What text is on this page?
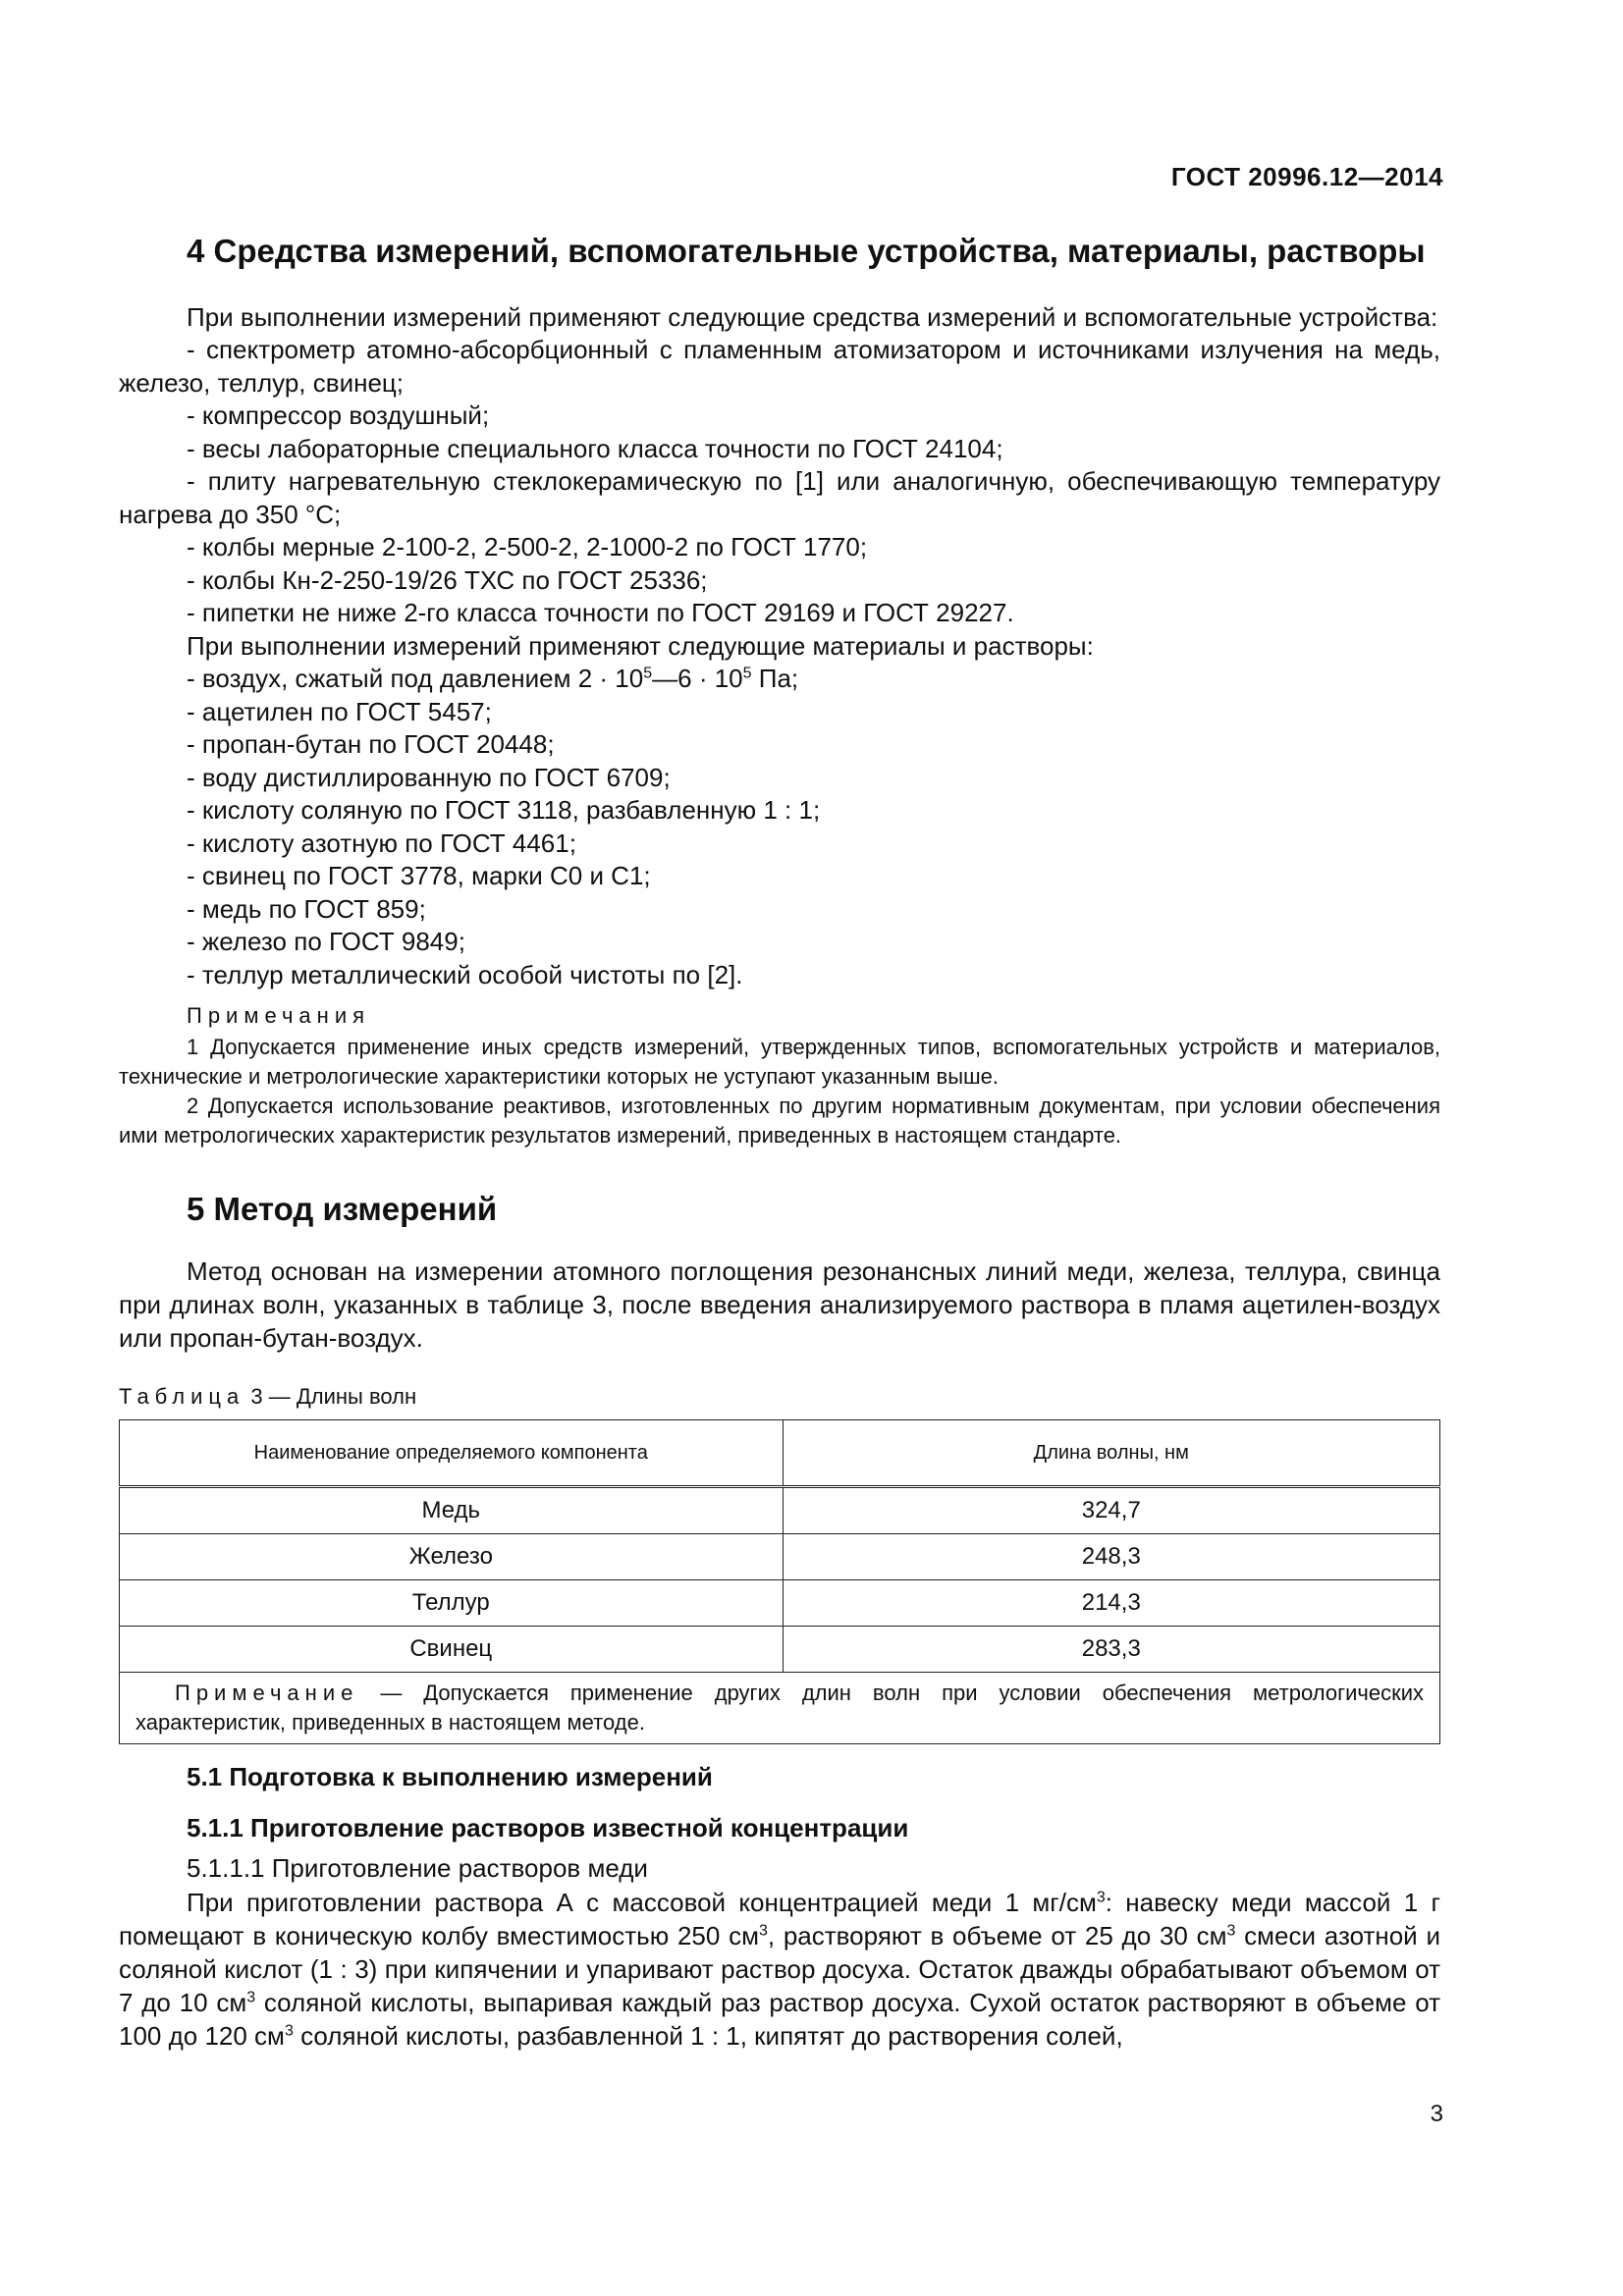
ГОСТ 20996.12—2014
4 Средства измерений, вспомогательные устройства, материалы, растворы

При выполнении измерений применяют следующие средства измерений и вспомогательные устройства:

- спектрометр атомно-абсорбционный с пламенным атомизатором и источниками излучения на медь, железо, теллур, свинец;

- компрессор воздушный;

- весы лабораторные специального класса точности по ГОСТ 24104;

- плиту нагревательную стеклокерамическую по [1] или аналогичную, обеспечивающую температуру нагрева до 350 °С;

- колбы мерные 2-100-2, 2-500-2, 2-1000-2 по ГОСТ 1770;

- колбы Кн-2-250-19/26 ТХС по ГОСТ 25336;

- пипетки не ниже 2-го класса точности по ГОСТ 29169 и ГОСТ 29227.

При выполнении измерений применяют следующие материалы и растворы:

- воздух, сжатый под давлением $2 \cdot 10^5—6 \cdot 10^5$ Па;

- ацетилен по ГОСТ 5457;

- пропан-бутан по ГОСТ 20448;

- воду дистиллированную по ГОСТ 6709;

- кислоту соляную по ГОСТ 3118, разбавленную 1 : 1;

- кислоту азотную по ГОСТ 4461;

- свинец по ГОСТ 3778, марки С0 и С1;

- медь по ГОСТ 859;

- железо по ГОСТ 9849;

- теллур металлический особой чистоты по [2].

Примечания

1 Допускается применение иных средств измерений, утвержденных типов, вспомогательных устройств и материалов, технические и метрологические характеристики которых не уступают указанным выше.

2 Допускается использование реактивов, изготовленных по другим нормативным документам, при условии обеспечения ими метрологических характеристик результатов измерений, приведенных в настоящем стандарте.

5 Метод измерений

Метод основан на измерении атомного поглощения резонансных линий меди, железа, теллура, свинца при длинах волн, указанных в таблице 3, после введения анализируемого раствора в пламя ацетилен-воздух или пропан-бутан-воздух.

Таблица 3 — Длины волн

Наименование определяемого компонента	Длина волны, нм
Медь	324,7
Железо	248,3
Теллур	214,3
Свинец	283,3
Примечание — Допускается применение других длин волн при условии обеспечения метрологических характеристик, приведенных в настоящем методе.	

5.1 Подготовка к выполнению измерений

5.1.1 Приготовление растворов известной концентрации

5.1.1.1 Приготовление растворов меди

При приготовлении раствора А с массовой концентрацией меди 1 $мг/см^3$: навеску меди массой 1 г помещают в коническую колбу вместимостью 250 $см^3$, растворяют в объеме от 25 до 30 $см^3$ смеси азотной и соляной кислот (1 : 3) при кипячении и упаривают раствор досуха. Остаток дважды обрабатывают объемом от 7 до 10 $см^3$ соляной кислоты, выпаривая каждый раз раствор досуха. Сухой остаток растворяют в объеме от 100 до 120 $см^3$ соляной кислоты, разбавленной 1 : 1, кипятят до растворения солей,

3
